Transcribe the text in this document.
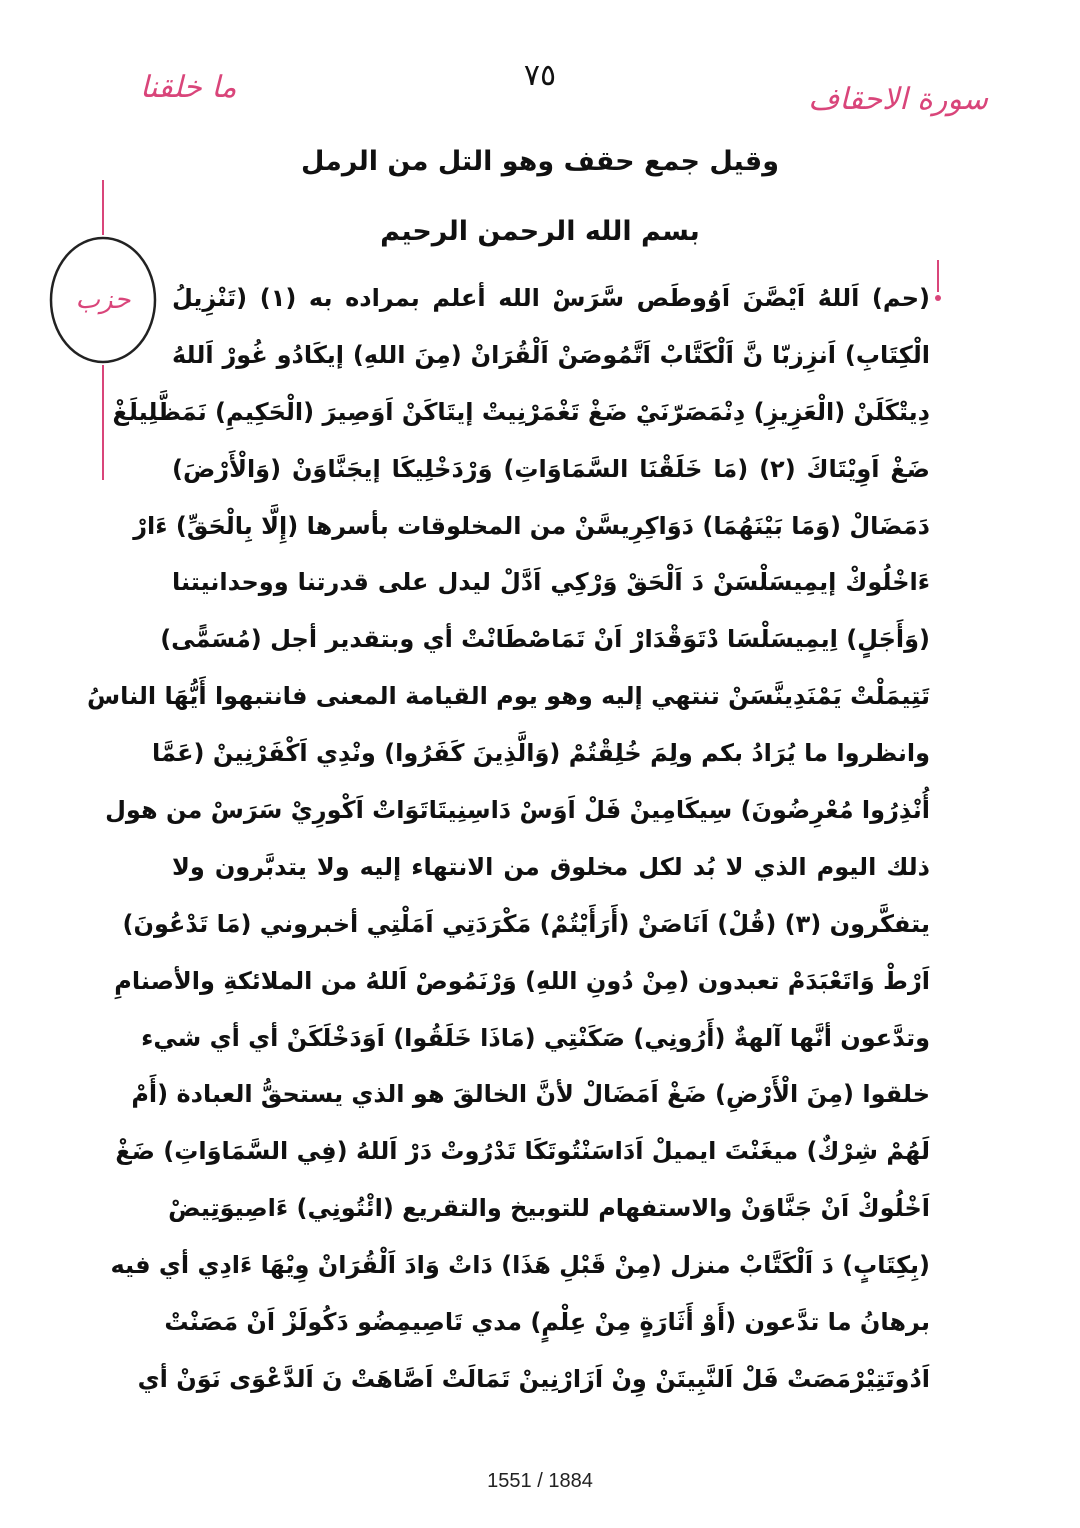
٧٥
سورة الاحقاف
ما خلقنا
حزب
وقيل جمع حقف وهو التل من الرمل
بسم الله الرحمن الرحيم
(حم) اَللهُ اَيْصَّنَ اَوُوطَص سَّرَسْ الله أعلم بمراده به (١) (تَنْزِيلُ
الْكِتَابِ) اَنزِزبّا نَّ اَلْكَتَّابْ اَتَّمُوصَنْ اَلْقُرَانْ (مِنَ اللهِ) إيكَادُو غُورْ اَللهُ
دِيتْكَلَنْ (الْعَزِيزِ) دِنْمَصَرّنَيْ ضَغْ تَغْمَرْنِيتْ إيتَاكَنْ اَوَصِيرَ (الْحَكِيمِ) نَمَظَّلِيلَغْ
ضَغْ اَوِيْتَاكَ (٢) (مَا خَلَقْنَا السَّمَاوَاتِ) وَرْدَخْلِيكَا إيجَنَّاوَنْ (وَالْأَرْضَ)
دَمَضَالْ (وَمَا بَيْنَهُمَا) دَوَاكِرِيسَّنْ من المخلوقات بأسرها (إِلَّا بِالْحَقِّ) ءَارْ
ءَاخْلُوكْ إيمِيسَلْسَنْ دَ اَلْحَقْ وَرْكِي اَدَّلْ ليدل على قدرتنا ووحدانيتنا
(وَأَجَلٍ) اِيمِيسَلْسَا دْتَوَقْدَارْ اَنْ تَمَاصْطَانْتْ أي وبتقدير أجل (مُسَمًّى)
تَتِيمَلْتْ يَمْنَدِينَّسَنْ تنتهي إليه وهو يوم القيامة المعنى فانتبهوا أَيُّهَا الناسُ
وانظروا ما يُرَادُ بكم ولِمَ خُلِقْتُمْ (وَالَّذِينَ كَفَرُوا) ونْدِي اَكْفَرْنِينْ (عَمَّا
أُنْذِرُوا مُعْرِضُونَ) سِيكَامِينْ فَلْ اَوَسْ دَاسِنِيتَاتَوَاتْ اَكْورِيْ سَرَسْ من هول
ذلك اليوم الذي لا بُد لكل مخلوق من الانتهاء إليه ولا يتدبَّرون ولا
يتفكَّرون (٣) (قُلْ) اَنَاصَنْ (أَرَأَيْتُمْ) مَكْرَدَتِي اَمَلْتِي أخبروني (مَا تَدْعُونَ)
اَرْطْ وَاتَعْبَدَمْ تعبدون (مِنْ دُونِ اللهِ) وَرْنَمُوصْ اَللهُ من الملائكةِ والأصنامِ
وتدَّعون أنَّها آلهةٌ (أَرُونِي) صَكَنْتِي (مَاذَا خَلَقُوا) اَوَدَخْلَكَنْ أي أي شيء
خلقوا (مِنَ الْأَرْضِ) ضَغْ اَمَضَالْ لأنَّ الخالقَ هو الذي يستحقُّ العبادة (أَمْ
لَهُمْ شِرْكٌ) ميغَنْتَ ايميلْ اَدَاسَنْتُوتَكَا تَدْرُوتْ دَرْ اَللهُ (فِي السَّمَاوَاتِ) ضَغْ
اَخْلُوكْ اَنْ جَنَّاوَنْ والاستفهام للتوبيخ والتقريع (ائْتُونِي) ءَاصِيوَتِيضْ
(بِكِتَابٍ) دَ اَلْكَتَّابْ منزل (مِنْ قَبْلِ هَذَا) دَاتْ وَادَ اَلْقُرَانْ وِيْهَا ءَادِي أي فيه
برهانُ ما تدَّعون (أَوْ أَثَارَةٍ مِنْ عِلْمٍ) مدي تَاصِيمِضُو دَكُولَزْ اَنْ مَصَنْتْ
اَدُوتَتِيْرْمَصَتْ فَلْ اَلنَّبِيتَنْ وِنْ اَزَارْنِينْ تَمَالَتْ اَصَّاهَتْ نَ اَلدَّعْوَى نَوَنْ أي
1551 / 1884
